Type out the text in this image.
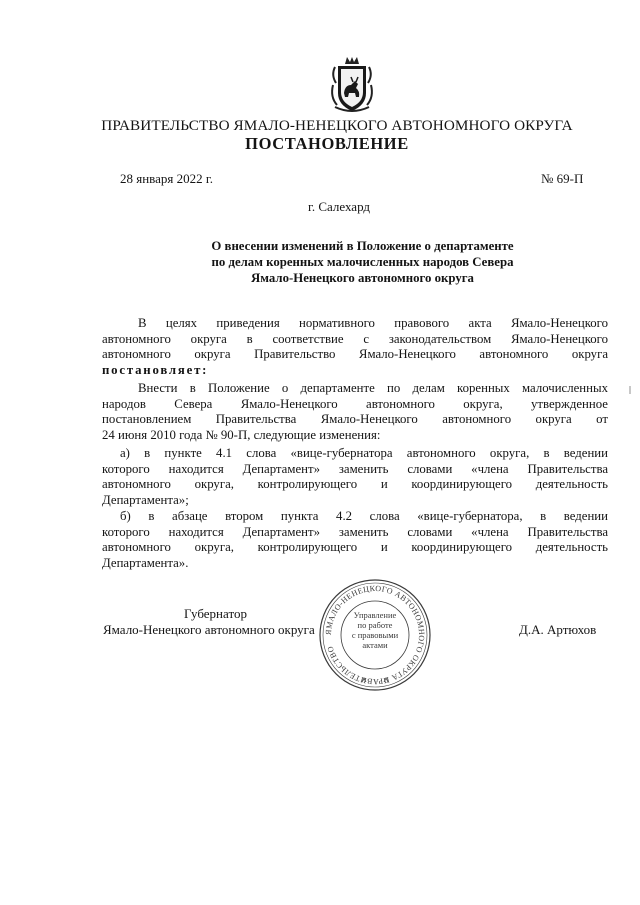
ПРАВИТЕЛЬСТВО ЯМАЛО-НЕНЕЦКОГО АВТОНОМНОГО ОКРУГА
ПОСТАНОВЛЕНИЕ
28 января 2022 г.	№ 69-П
г. Салехард
О внесении изменений в Положение о департаменте
по делам коренных малочисленных народов Севера
Ямало-Ненецкого автономного округа
В целях приведения нормативного правового акта Ямало-Ненецкого
автономного округа в соответствие с законодательством Ямало-Ненецкого
автономного округа Правительство Ямало-Ненецкого автономного округа
постановляет:
Внести в Положение о департаменте по делам коренных малочисленных
народов Севера Ямало-Ненецкого автономного округа, утвержденное
постановлением Правительства Ямало-Ненецкого автономного округа от
24 июня 2010 года № 90-П, следующие изменения:
а) в пункте 4.1 слова «вице-губернатора автономного округа, в ведении
которого находится Департамент» заменить словами «члена Правительства
автономного округа, контролирующего и координирующего деятельность
Департамента»;
б) в абзаце втором пункта 4.2 слова «вице-губернатора, в ведении
которого находится Департамент» заменить словами «члена Правительства
автономного округа, контролирующего и координирующего деятельность
Департамента».
ЯМАЛО-НЕНЕЦКОГО АВТОНОМНОГО ОКРУГА ПРАВИТЕЛЬСТВО
Управление
по работе
с правовыми
актами
Губернатор
Ямало-Ненецкого автономного округа	Д.А. Артюхов
